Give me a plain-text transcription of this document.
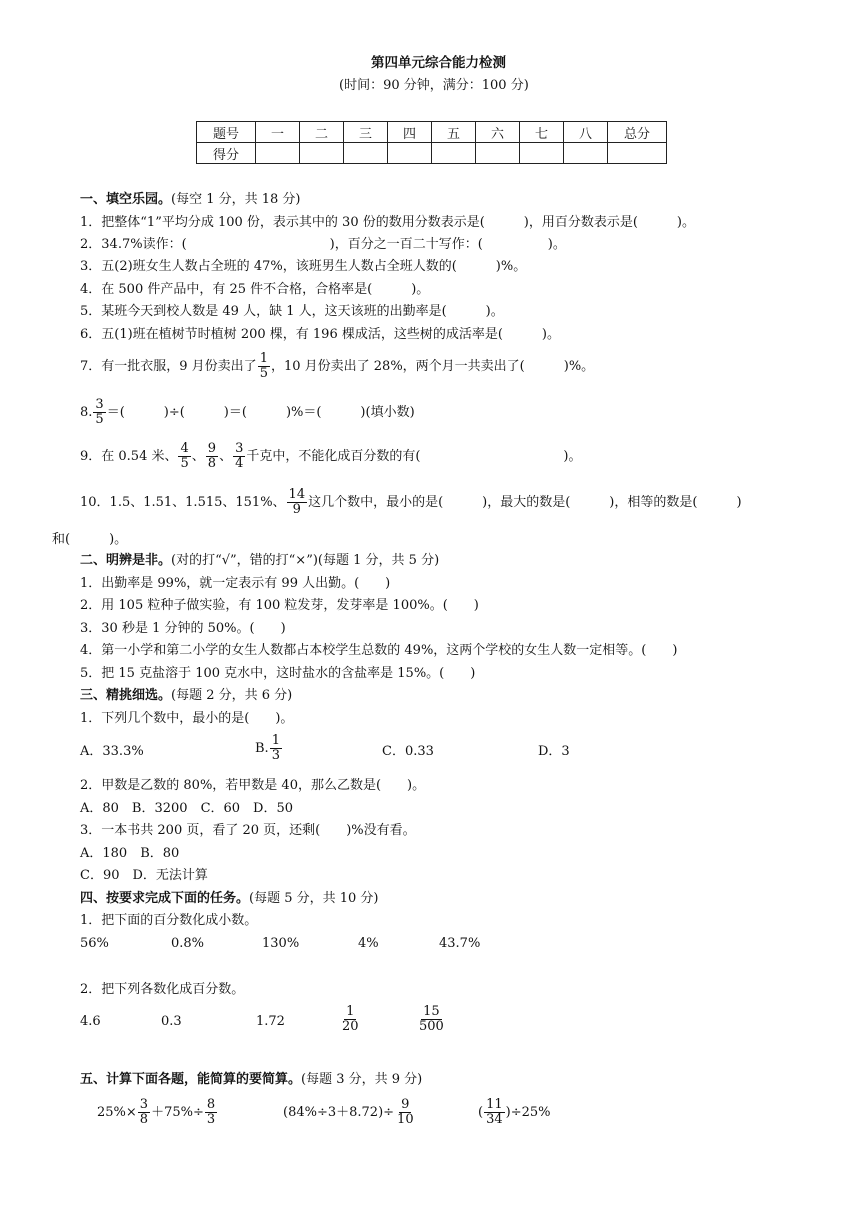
第四单元综合能力检测
(时间：90 分钟，满分：100 分)
题号	一	二	三	四	五	六	七	八	总分
得分									
一、填空乐园。(每空 1 分，共 18 分)
1．把整体“1”平均分成 100 份，表示其中的 30 份的数用分数表示是(　　　)，用百分数表示是(　　　)。
2．34.7%读作：(　　　　　　　　　　　)，百分之一百二十写作：(　　　　　)。
3．五(2)班女生人数占全班的 47%，该班男生人数占全班人数的(　　　)%。
4．在 500 件产品中，有 25 件不合格，合格率是(　　　)。
5．某班今天到校人数是 49 人，缺 1 人，这天该班的出勤率是(　　　)。
6．五(1)班在植树节时植树 200 棵，有 196 棵成活，这些树的成活率是(　　　)。
7．有一批衣服，9 月份卖出了 $\frac{1}{5}$ ，10 月份卖出了 28%，两个月一共卖出了(　　　)%。
8. $\frac{3}{5}$ ＝(　　　)÷(　　　)＝(　　　)%＝(　　　)(填小数)
9．在 0.54 米、 $\frac{4}{5}$ 、 $\frac{9}{8}$ 、 $\frac{3}{4}$ 千克中，不能化成百分数的有(　　　　　　　　　　　)。
10．1.5、1.51、1.515、151%、 $\frac{14}{9}$ 这几个数中，最小的是(　　　)，最大的数是(　　　)，相等的数是(　　　)
和(　　　)。
二、明辨是非。(对的打“√”，错的打“×”)(每题 1 分，共 5 分)
1．出勤率是 99%，就一定表示有 99 人出勤。(　　)
2．用 105 粒种子做实验，有 100 粒发芽，发芽率是 100%。(　　)
3．30 秒是 1 分钟的 50%。(　　)
4．第一小学和第二小学的女生人数都占本校学生总数的 49%，这两个学校的女生人数一定相等。(　　)
5．把 15 克盐溶于 100 克水中，这时盐水的含盐率是 15%。(　　)
三、精挑细选。(每题 2 分，共 6 分)
1．下列几个数中，最小的是(　　)。
A．33.3%	B. $\frac{1}{3}$	C．0.33	D．3
2．甲数是乙数的 80%，若甲数是 40，那么乙数是(　　)。
A．80　B．3200　C．60　D．50
3．一本书共 200 页，看了 20 页，还剩(　　)%没有看。
A．180　B．80
C．90　D．无法计算
四、按要求完成下面的任务。(每题 5 分，共 10 分)
1．把下面的百分数化成小数。
56%	0.8%	130%	4%	43.7%
2．把下列各数化成百分数。
4.6	0.3	1.72	$\frac{1}{20}$	$\frac{15}{500}$
五、计算下面各题，能简算的要简算。(每题 3 分，共 9 分)
$25\%\times \frac{3}{8} +75\%\div \frac{8}{3}$	$(84\%\div 3+8.72)\div \frac{9}{10}$	( $\frac{11}{34} )\div 25\%$
